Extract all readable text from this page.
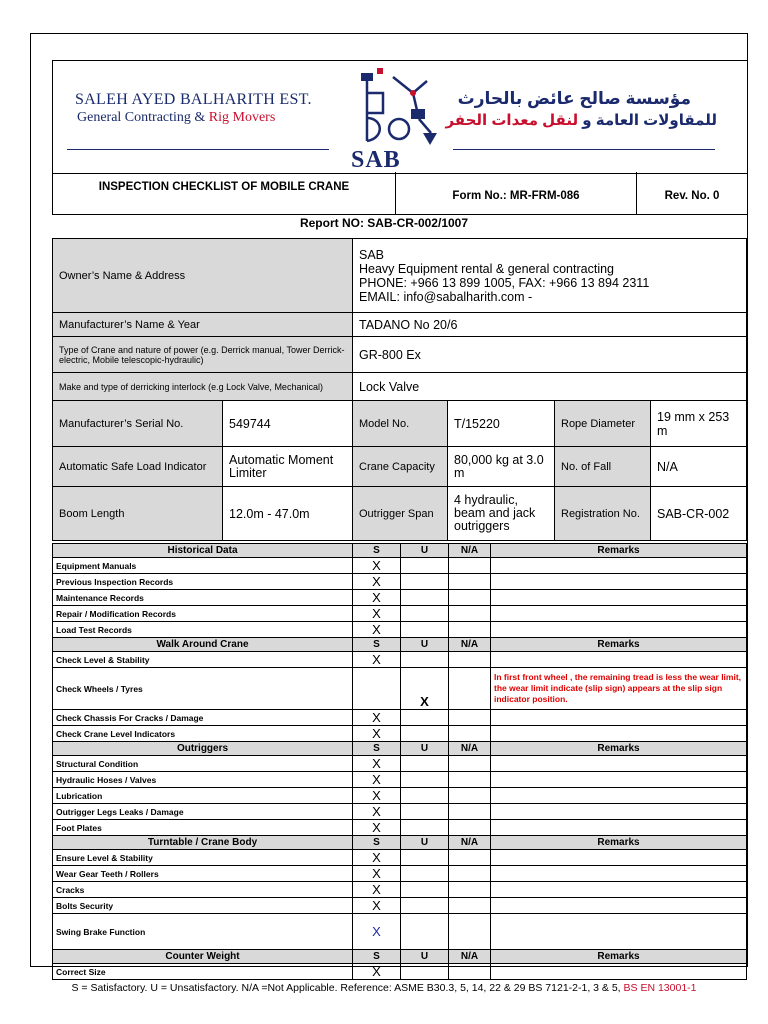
SALEH AYED BALHARITH EST.
General Contracting & Rig Movers
SAB
مؤسسة صالح عائض بالحارث
للمقاولات العامة و لنقل معدات الحفر
INSPECTION CHECKLIST OF MOBILE CRANE
Form No.: MR-FRM-086	Rev. No. 0
Report NO: SAB-CR-002/1007
Owner’s Name & Address		SAB
Heavy Equipment rental & general contracting
PHONE: +966 13 899 1005, FAX: +966 13 894 2311
EMAIL: info@sabalharith.com -			

Manufacturer’s Name & Year		TADANO No 20/6			
Type of Crane and nature of power (e.g. Derrick manual, Tower Derrick-electric, Mobile telescopic-hydraulic)		GR-800 Ex			
Make and type of derricking interlock (e.g Lock Valve, Mechanical)		Lock Valve			
Manufacturer’s Serial No.	549744	Model No.	T/15220	Rope Diameter	19 mm x 253 m
Automatic Safe Load Indicator	Automatic Moment Limiter	Crane Capacity	80,000 kg at 3.0 m	No. of Fall	N/A
Boom Length	12.0m - 47.0m	Outrigger Span	4 hydraulic, beam and jack outriggers	Registration No.	SAB-CR-002
Historical Data	S	U	N/A	Remarks
Equipment Manuals	X			
Previous Inspection Records	X			
Maintenance Records	X			
Repair / Modification Records	X			
Load Test Records	X			
Walk Around Crane	S	U	N/A	Remarks
Check Level & Stability	X			
Check Wheels / Tyres		X		In first front wheel , the remaining tread is less the wear limit, the wear limit indicate (slip sign) appears at the slip sign indicator position.
Check Chassis For Cracks / Damage	X			
Check Crane Level Indicators	X			
Outriggers	S	U	N/A	Remarks
Structural Condition	X			
Hydraulic Hoses / Valves	X			
Lubrication	X			
Outrigger Legs Leaks / Damage	X			
Foot Plates	X			
Turntable / Crane Body	S	U	N/A	Remarks
Ensure Level & Stability	X			
Wear Gear Teeth / Rollers	X			
Cracks	X			
Bolts Security	X			
Swing Brake Function	X			
Counter Weight	S	U	N/A	Remarks
Correct Size	X			
S = Satisfactory. U = Unsatisfactory. N/A =Not Applicable. Reference: ASME B30.3, 5, 14, 22 & 29 BS 7121-2-1, 3 & 5, BS EN 13001-1
